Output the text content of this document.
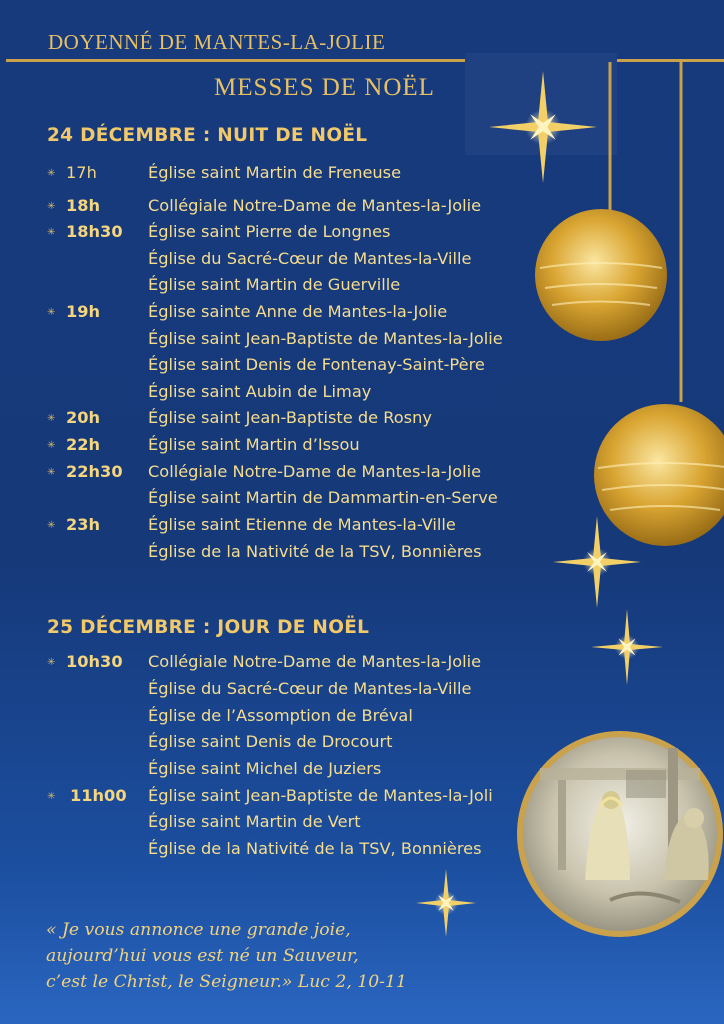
DOYENNÉ DE MANTES-LA-JOLIE
MESSES DE NOËL
24 DÉCEMBRE : NUIT DE NOËL
✳ 17h	Église saint Martin de Freneuse
✳ 18h	Collégiale Notre-Dame de Mantes-la-Jolie
✳ 18h30 Église saint Pierre de Longnes
Église du Sacré-Cœur de Mantes-la-Ville
Église saint Martin de Guerville
✳ 19h	Église sainte Anne de Mantes-la-Jolie
Église saint Jean-Baptiste de Mantes-la-Jolie
Église saint Denis de Fontenay-Saint-Père
Église saint Aubin de Limay
✳ 20h	Église saint Jean-Baptiste de Rosny
✳ 22h	Église saint Martin d’Issou
✳ 22h30 Collégiale Notre-Dame de Mantes-la-Jolie
Église saint Martin de Dammartin-en-Serve
✳ 23h	Église saint Etienne de Mantes-la-Ville
Église de la Nativité de la TSV, Bonnières
25 DÉCEMBRE : JOUR DE NOËL
✳ 10h30 Collégiale Notre-Dame de Mantes-la-Jolie
Église du Sacré-Cœur de Mantes-la-Ville
Église de l’Assomption de Bréval
Église saint Denis de Drocourt
Église saint Michel de Juziers
✳ 11h00 Église saint Jean-Baptiste de Mantes-la-Joli
Église saint Martin de Vert
Église de la Nativité de la TSV, Bonnières
« Je vous annonce une grande joie,
aujourd’hui vous est né un Sauveur,
c’est le Christ, le Seigneur.» Luc 2, 10-11
